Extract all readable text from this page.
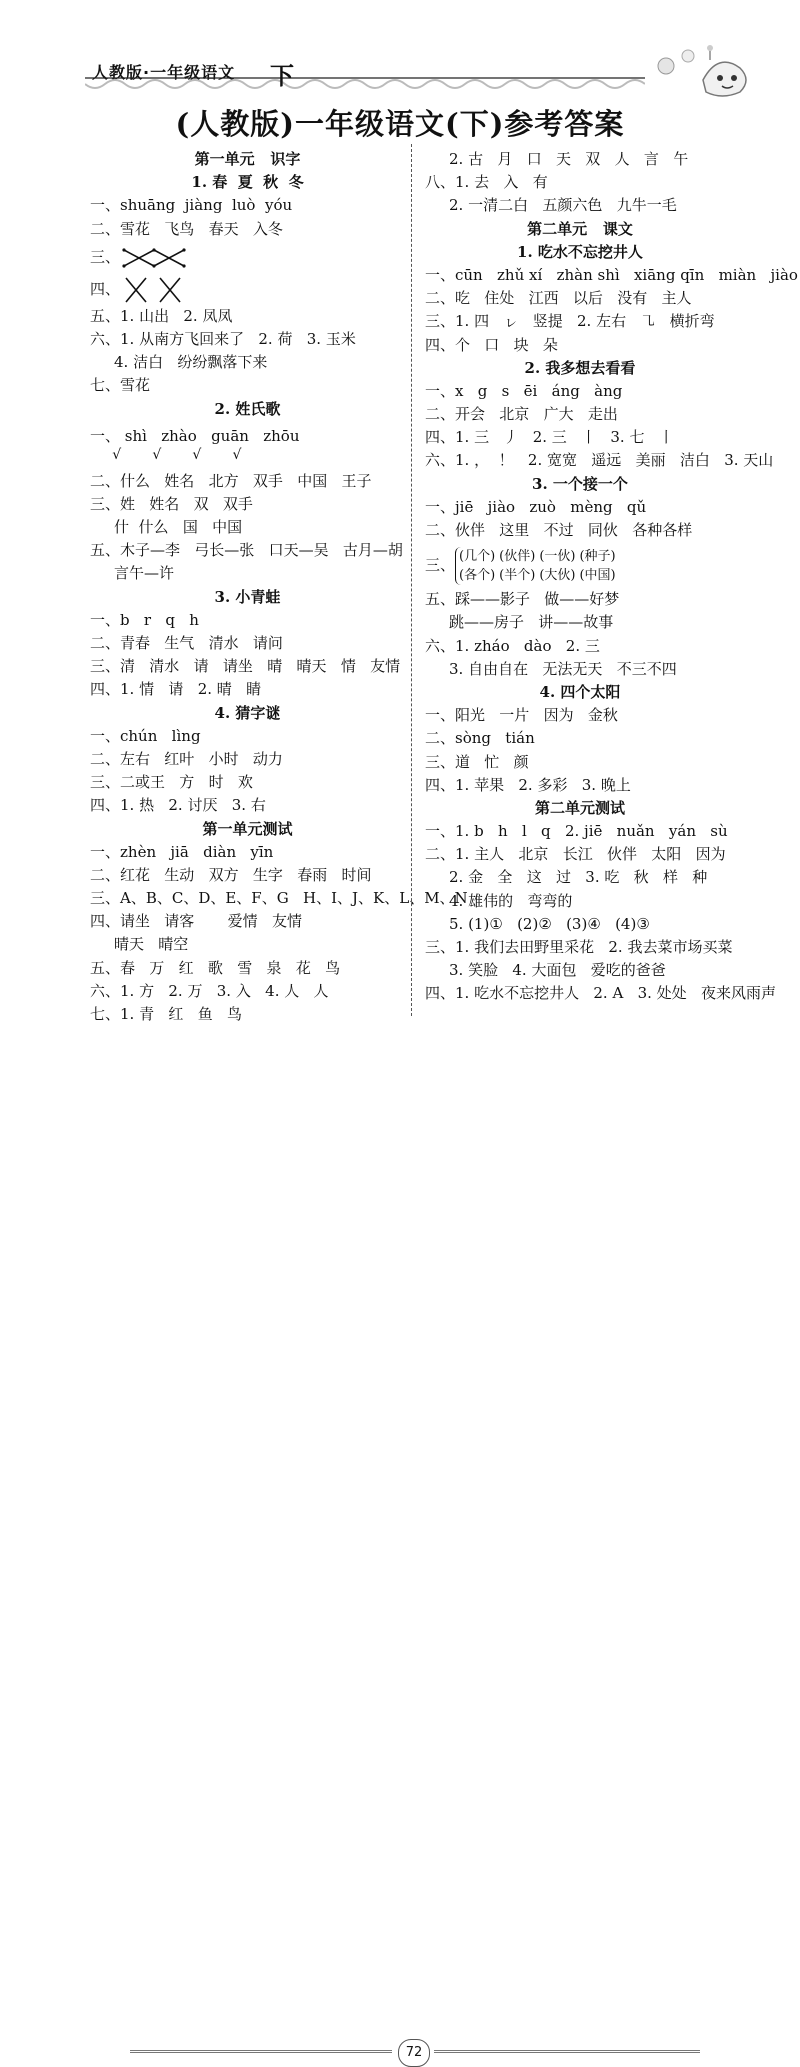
人教版·一年级语文 下
(人教版)一年级语文(下)参考答案
第一单元   识字
1. 春  夏  秋  冬
一、shuāng  jiàng  luò  yóu
二、雪花   飞鸟   春天   入冬
三、
四、
五、1. 山出   2. 凤凤
六、1. 从南方飞回来了   2. 荷   3. 玉米
4. 洁白   纷纷飘落下来
七、雪花
2. 姓氏歌
一、 shì   zhào   guān   zhōu
√       √       √       √
二、什么   姓名   北方   双手   中国   王子
三、姓   姓名   双   双手
什  什么   国   中国
五、木子—李   弓长—张   口天—吴   古月—胡
言午—许
3. 小青蛙
一、b   r   q   h
二、青春   生气   清水   请问
三、清   清水   请   请坐   晴   晴天   情   友情
四、1. 情   请   2. 晴   睛
4. 猜字谜
一、chún   lìng
二、左右   红叶   小时   动力
三、二或王   方   时   欢
四、1. 热   2. 讨厌   3. 右
第一单元测试
一、zhèn   jiā   diàn   yīn
二、红花   生动   双方   生字   春雨   时间
三、A、B、C、D、E、F、G   H、I、J、K、L、M、N
四、请坐   请客       爱情   友情
晴天   晴空
五、春   万   红   歌   雪   泉   花   鸟
六、1. 方   2. 万   3. 入   4. 人   人
七、1. 青   红   鱼   鸟
2. 古   月   口   天   双   人   言   午
八、1. 去   入   有
2. 一清二白   五颜六色   九牛一毛
第二单元   课文
1. 吃水不忘挖井人
一、cūn   zhǔ xí   zhàn shì   xiāng qīn   miàn   jiào
二、吃   住处   江西   以后   没有   主人
三、1. 四   ㇾ   竖提   2. 左右   ㇈   横折弯
四、个   口   块   朵
2. 我多想去看看
一、x   g   s   ēi   áng   àng
二、开会   北京   广大   走出
四、1. 三   丿   2. 三   丨   3. 七   丨
六、1. ，  ！   2. 宽宽   遥远   美丽   洁白   3. 天山
3. 一个接一个
一、jiē   jiào   zuò   mèng   qǔ
二、伙伴   这里   不过   同伙   各种各样
三、 (几个) (伙伴) (一伙) (种子)
(各个) (半个) (大伙) (中国)
五、踩——影子   做——好梦
跳——房子   讲——故事
六、1. zháo   dào   2. 三
3. 自由自在   无法无天   不三不四
4. 四个太阳
一、阳光   一片   因为   金秋
二、sòng   tián
三、道   忙   颜
四、1. 苹果   2. 多彩   3. 晚上
第二单元测试
一、1. b   h   l   q   2. jiē   nuǎn   yán   sù
二、1. 主人   北京   长江   伙伴   太阳   因为
2. 金   全   这   过   3. 吃   秋   样   种
4. 雄伟的   弯弯的
5. (1)①   (2)②   (3)④   (4)③
三、1. 我们去田野里采花   2. 我去菜市场买菜
3. 笑脸   4. 大面包   爱吃的爸爸
四、1. 吃水不忘挖井人   2. A   3. 处处   夜来风雨声
72
